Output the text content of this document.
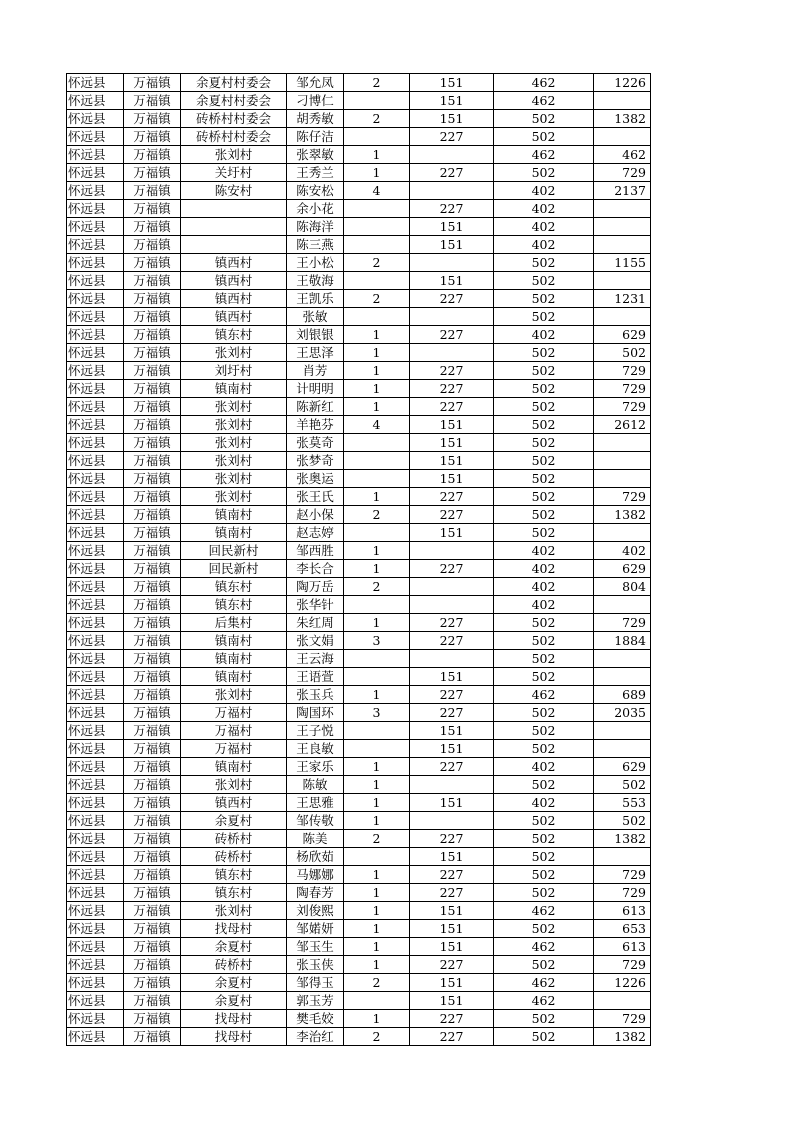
怀远县	万福镇	余夏村村委会	邹允凤	2	151	462	1226
怀远县	万福镇	余夏村村委会	刁博仁		151	462	
怀远县	万福镇	砖桥村村委会	胡秀敏	2	151	502	1382
怀远县	万福镇	砖桥村村委会	陈仔洁		227	502	
怀远县	万福镇	张刘村	张翠敏	1		462	462
怀远县	万福镇	关圩村	王秀兰	1	227	502	729
怀远县	万福镇	陈安村	陈安松	4		402	2137
怀远县	万福镇		余小花		227	402	
怀远县	万福镇		陈海洋		151	402	
怀远县	万福镇		陈三燕		151	402	
怀远县	万福镇	镇西村	王小松	2		502	1155
怀远县	万福镇	镇西村	王敬海		151	502	
怀远县	万福镇	镇西村	王凯乐	2	227	502	1231
怀远县	万福镇	镇西村	张敏			502	
怀远县	万福镇	镇东村	刘银银	1	227	402	629
怀远县	万福镇	张刘村	王思泽	1		502	502
怀远县	万福镇	刘圩村	肖芳	1	227	502	729
怀远县	万福镇	镇南村	计明明	1	227	502	729
怀远县	万福镇	张刘村	陈新红	1	227	502	729
怀远县	万福镇	张刘村	羊艳芬	4	151	502	2612
怀远县	万福镇	张刘村	张莫奇		151	502	
怀远县	万福镇	张刘村	张梦奇		151	502	
怀远县	万福镇	张刘村	张奥运		151	502	
怀远县	万福镇	张刘村	张王氏	1	227	502	729
怀远县	万福镇	镇南村	赵小保	2	227	502	1382
怀远县	万福镇	镇南村	赵志婷		151	502	
怀远县	万福镇	回民新村	邹西胜	1		402	402
怀远县	万福镇	回民新村	李长合	1	227	402	629
怀远县	万福镇	镇东村	陶万岳	2		402	804
怀远县	万福镇	镇东村	张华针			402	
怀远县	万福镇	后集村	朱红周	1	227	502	729
怀远县	万福镇	镇南村	张文娟	3	227	502	1884
怀远县	万福镇	镇南村	王云海			502	
怀远县	万福镇	镇南村	王语萱		151	502	
怀远县	万福镇	张刘村	张玉兵	1	227	462	689
怀远县	万福镇	万福村	陶国环	3	227	502	2035
怀远县	万福镇	万福村	王子悦		151	502	
怀远县	万福镇	万福村	王良敏		151	502	
怀远县	万福镇	镇南村	王家乐	1	227	402	629
怀远县	万福镇	张刘村	陈敏	1		502	502
怀远县	万福镇	镇西村	王思雅	1	151	402	553
怀远县	万福镇	余夏村	邹传敬	1		502	502
怀远县	万福镇	砖桥村	陈美	2	227	502	1382
怀远县	万福镇	砖桥村	杨欣茹		151	502	
怀远县	万福镇	镇东村	马娜娜	1	227	502	729
怀远县	万福镇	镇东村	陶春芳	1	227	502	729
怀远县	万福镇	张刘村	刘俊熙	1	151	462	613
怀远县	万福镇	找母村	邹婼妍	1	151	502	653
怀远县	万福镇	余夏村	邹玉生	1	151	462	613
怀远县	万福镇	砖桥村	张玉侠	1	227	502	729
怀远县	万福镇	余夏村	邹得玉	2	151	462	1226
怀远县	万福镇	余夏村	郭玉芳		151	462	
怀远县	万福镇	找母村	樊毛姣	1	227	502	729
怀远县	万福镇	找母村	李治红	2	227	502	1382
